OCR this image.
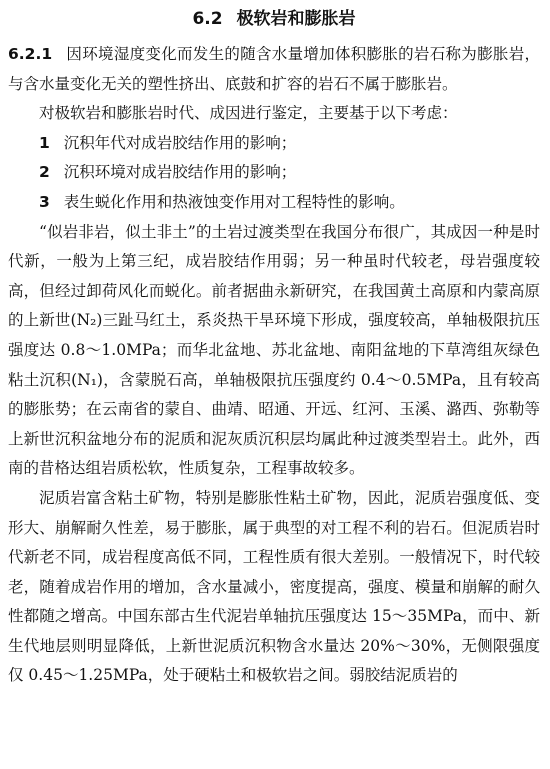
6.2 极软岩和膨胀岩

6.2.1 因环境湿度变化而发生的随含水量增加体积膨胀的岩石称为膨胀岩，与含水量变化无关的塑性挤出、底鼓和扩容的岩石不属于膨胀岩。

对极软岩和膨胀岩时代、成因进行鉴定，主要基于以下考虑：

1 沉积年代对成岩胶结作用的影响；

2 沉积环境对成岩胶结作用的影响；

3 表生蜕化作用和热液蚀变作用对工程特性的影响。

“似岩非岩，似土非土”的土岩过渡类型在我国分布很广，其成因一种是时代新，一般为上第三纪，成岩胶结作用弱；另一种虽时代较老，母岩强度较高，但经过卸荷风化而蜕化。前者据曲永新研究，在我国黄土高原和内蒙高原的上新世(N₂)三趾马红土，系炎热干旱环境下形成，强度较高，单轴极限抗压强度达 0.8～1.0MPa；而华北盆地、苏北盆地、南阳盆地的下草湾组灰绿色粘土沉积(N₁)，含蒙脱石高，单轴极限抗压强度约 0.4～0.5MPa，且有较高的膨胀势；在云南省的蒙自、曲靖、昭通、开远、红河、玉溪、潞西、弥勒等上新世沉积盆地分布的泥质和泥灰质沉积层均属此种过渡类型岩土。此外，西南的昔格达组岩质松软，性质复杂，工程事故较多。

泥质岩富含粘土矿物，特别是膨胀性粘土矿物，因此，泥质岩强度低、变形大、崩解耐久性差，易于膨胀，属于典型的对工程不利的岩石。但泥质岩时代新老不同，成岩程度高低不同，工程性质有很大差别。一般情况下，时代较老，随着成岩作用的增加，含水量减小，密度提高，强度、模量和崩解的耐久性都随之增高。中国东部古生代泥岩单轴抗压强度达 15～35MPa，而中、新生代地层则明显降低，上新世泥质沉积物含水量达 20%～30%，无侧限强度仅 0.45～1.25MPa，处于硬粘土和极软岩之间。弱胶结泥质岩的
